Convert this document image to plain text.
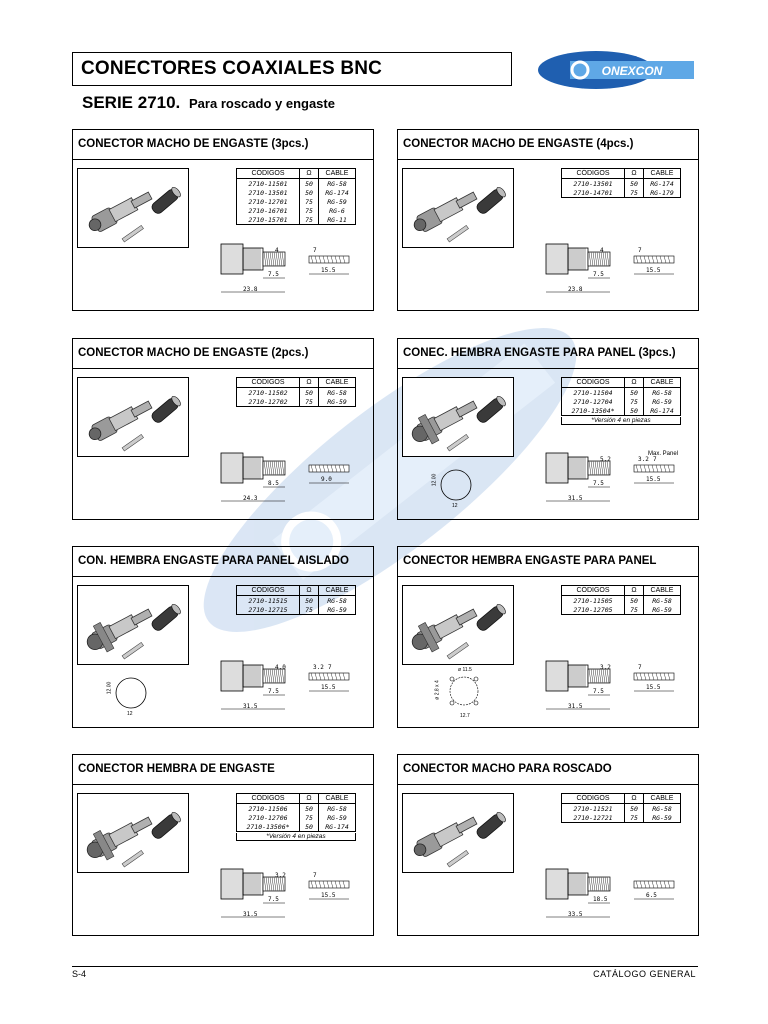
CONECTORES COAXIALES BNC	ONEXCON
SERIE 2710. Para roscado y engaste
CONECTOR MACHO DE ENGASTE (3pcs.)
CÓDIGOS	Ω	CABLE
2710-11501	50	RG-58
2710-13501	50	RG-174
2710-12701	75	RG-59
2710-16701	75	RG-6
2710-15701	75	RG-11
23.8
7.5
15.5
4	7
CONECTOR MACHO DE ENGASTE (4pcs.)
CÓDIGOS	Ω	CABLE
2710-13501	50	RG-174
2710-14701	75	RG-179
23.8
7.5
15.5
4	7
CONECTOR MACHO DE ENGASTE (2pcs.)
CÓDIGOS	Ω	CABLE
2710-11502	50	RG-58
2710-12702	75	RG-59
24.3
8.5
9.0
CONEC. HEMBRA ENGASTE PARA PANEL (3pcs.)
CÓDIGOS	Ω	CABLE
2710-11504	50	RG-58
2710-12704	75	RG-59
2710-13504*	50	RG-174
*Versión 4 en piezas
31.5
7.5
15.5
5.2	3.2 7
Max. Panel
12.00
12
CON. HEMBRA ENGASTE PARA PANEL AISLADO
CÓDIGOS	Ω	CABLE
2710-11515	50	RG-58
2710-12715	75	RG-59
31.5
7.5
15.5
4.0	3.2 7
12.00
12
CONECTOR HEMBRA ENGASTE PARA PANEL
CÓDIGOS	Ω	CABLE
2710-11505	50	RG-58
2710-12705	75	RG-59
31.5
7.5
15.5
3.2	7
ø 11.5
ø 2.8 x 4
12.7
CONECTOR HEMBRA DE ENGASTE
CÓDIGOS	Ω	CABLE
2710-11506	50	RG-58
2710-12706	75	RG-59
2710-13506*	50	RG-174
*Versión 4 en piezas
31.5
7.5
15.5
3.2	7
CONECTOR MACHO PARA ROSCADO
CÓDIGOS	Ω	CABLE
2710-11521	50	RG-58
2710-12721	75	RG-59
33.5
18.5
6.5
S-4	CATÁLOGO GENERAL
